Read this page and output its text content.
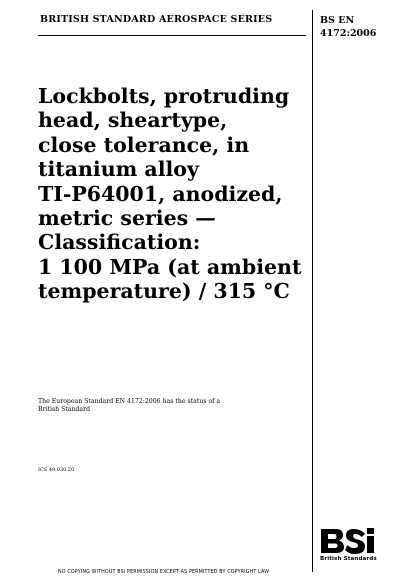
BRITISH STANDARD AEROSPACE SERIES	BS EN
4172:2006
Lockbolts, protruding
head, sheartype,
close tolerance, in
titanium alloy
TI-P64001, anodized,
metric series —
Classification:
1 100 MPa (at ambient
temperature) / 315 °C
The European Standard EN 4172:2006 has the status of a
British Standard
ICS 49.030.20
British Standards
NO COPYING WITHOUT BSI PERMISSION EXCEPT AS PERMITTED BY COPYRIGHT LAW
